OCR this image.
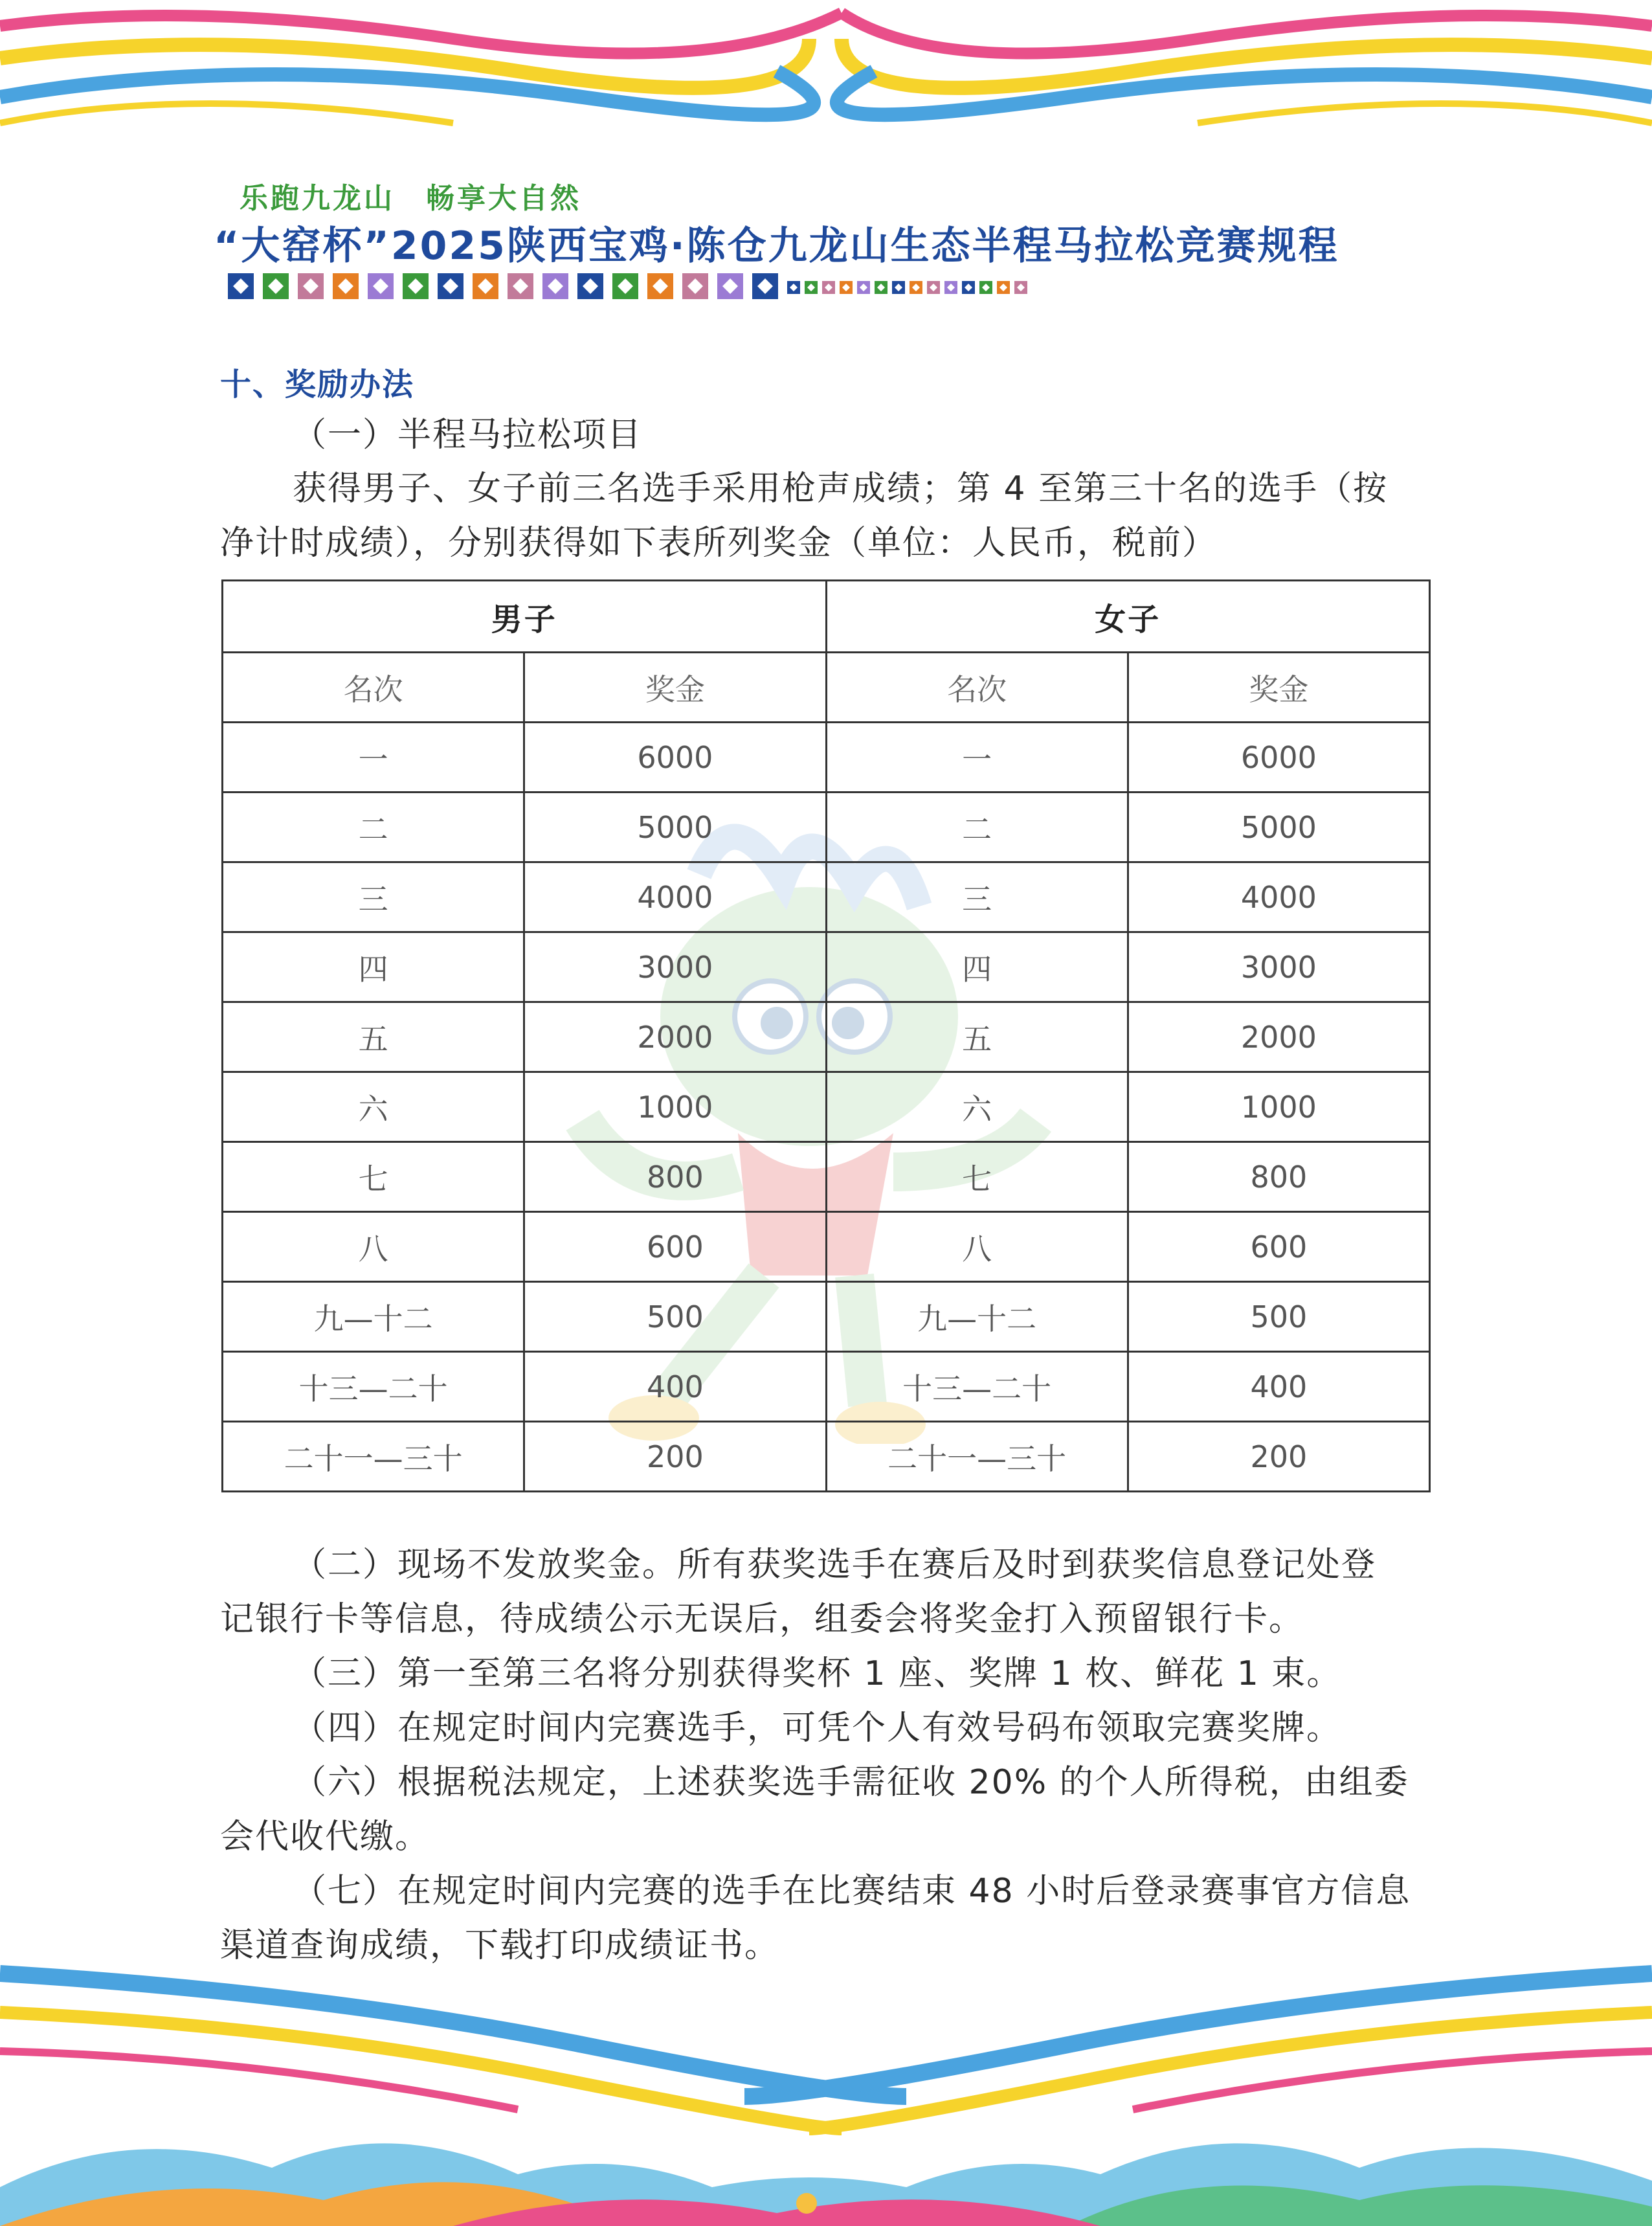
乐跑九龙山　畅享大自然
“大窑杯”2025陕西宝鸡·陈仓九龙山生态半程马拉松竞赛规程
十、奖励办法
（一）半程马拉松项目
获得男子、女子前三名选手采用枪声成绩；第 4 至第三十名的选手（按
净计时成绩），分别获得如下表所列奖金（单位：人民币，税前）
男子		女子	
名次	奖金	名次	奖金
一	6000	一	6000
二	5000	二	5000
三	4000	三	4000
四	3000	四	3000
五	2000	五	2000
六	1000	六	1000
七	800	七	800
八	600	八	600
九—十二	500	九—十二	500
十三—二十	400	十三—二十	400
二十一—三十	200	二十一—三十	200
（二）现场不发放奖金。所有获奖选手在赛后及时到获奖信息登记处登
记银行卡等信息，待成绩公示无误后，组委会将奖金打入预留银行卡。
（三）第一至第三名将分别获得奖杯 1 座、奖牌 1 枚、鲜花 1 束。
（四）在规定时间内完赛选手，可凭个人有效号码布领取完赛奖牌。
（六）根据税法规定，上述获奖选手需征收 20% 的个人所得税，由组委
会代收代缴。
（七）在规定时间内完赛的选手在比赛结束 48 小时后登录赛事官方信息
渠道查询成绩，下载打印成绩证书。
